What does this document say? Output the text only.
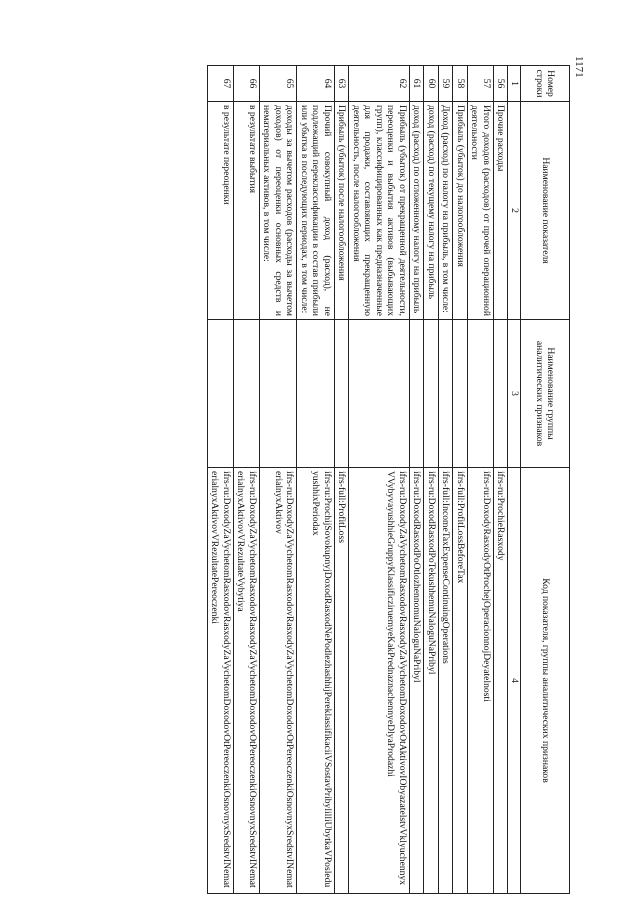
1171
Номер строки	Наименование показателя	Наименование группы аналитических признаков	Код показателя, группы аналитических признаков
1	2	3	4
56	Прочие расходы		ifrs-ru:ProchieRasxody
57	Итого доходов (расходов) от прочей операционной деятельности		ifrs-ru:DoxodyRasxodyOtProchejOperacionnojDeyatelnosti
58	Прибыль (убыток) до налогообложения		ifrs-full:ProfitLossBeforeTax
59	Доход (расход) по налогу на прибыль, в том числе:		ifrs-full:IncomeTaxExpenseContinuingOperations
60	доход (расход) по текущему налогу на прибыль		ifrs-ru:DoxodRasxodPoTekushhemuNaloguNaPribyl
61	доход (расход) по отложенному налогу на прибыль		ifrs-ru:DoxodRasxodPoOtlozhennomuNaloguNaPribyl
62	Прибыль (убыток) от прекращенной деятельности, переоценки и выбытия активов (выбывающих групп), классифицированных как предназначенные для продажи, составляющих прекращенную деятельность, после налогообложения		ifrs-ru:DoxodyZaVychetomRasxodovRasxodyZaVychetomDoxodovOtAktivovIObyazatelstvVklyuchennyxVVybyvayushhieGruppyKlassificziruemyeKakPrednaznachennyeDlyaProdazhi
63	Прибыль (убыток) после налогообложения		ifrs-full:ProfitLoss
64	Прочий совокупный доход (расход), не подлежащий переклассификации в состав прибыли или убытка в последующих периодах, в том числе:		ifrs-ru:ProchijSovokupnyjDoxodRasxodNePodlezhashhijPereklassifikaciiVSostavPribylilliUbytkaVPosleduyushhixPeriodax
65	доходы за вычетом расходов (расходы за вычетом доходов) от переоценки основных средств и нематериальных активов, в том числе:		ifrs-ru:DoxodyZaVychetomRasxodovRasxodyZaVychetomDoxodovOtPereoczenkiOsnovnyxSredstvINematerialnyxAktivov
66	в результате выбытия		ifrs-ru:DoxodyZaVychetomRasxodovRasxodyZaVychetomDoxodovOtPereoczenkiOsnovnyxSredstvINematerialnyxAktivovVRezultateVybytiya
67	в результате переоценки		ifrs-ru:DoxodyZaVychetomRasxodovRasxodyZaVychetomDoxodovOtPereoczenkiOsnovnyxSredstvINematerialnyxAktivovVRezultatePereoczenki
